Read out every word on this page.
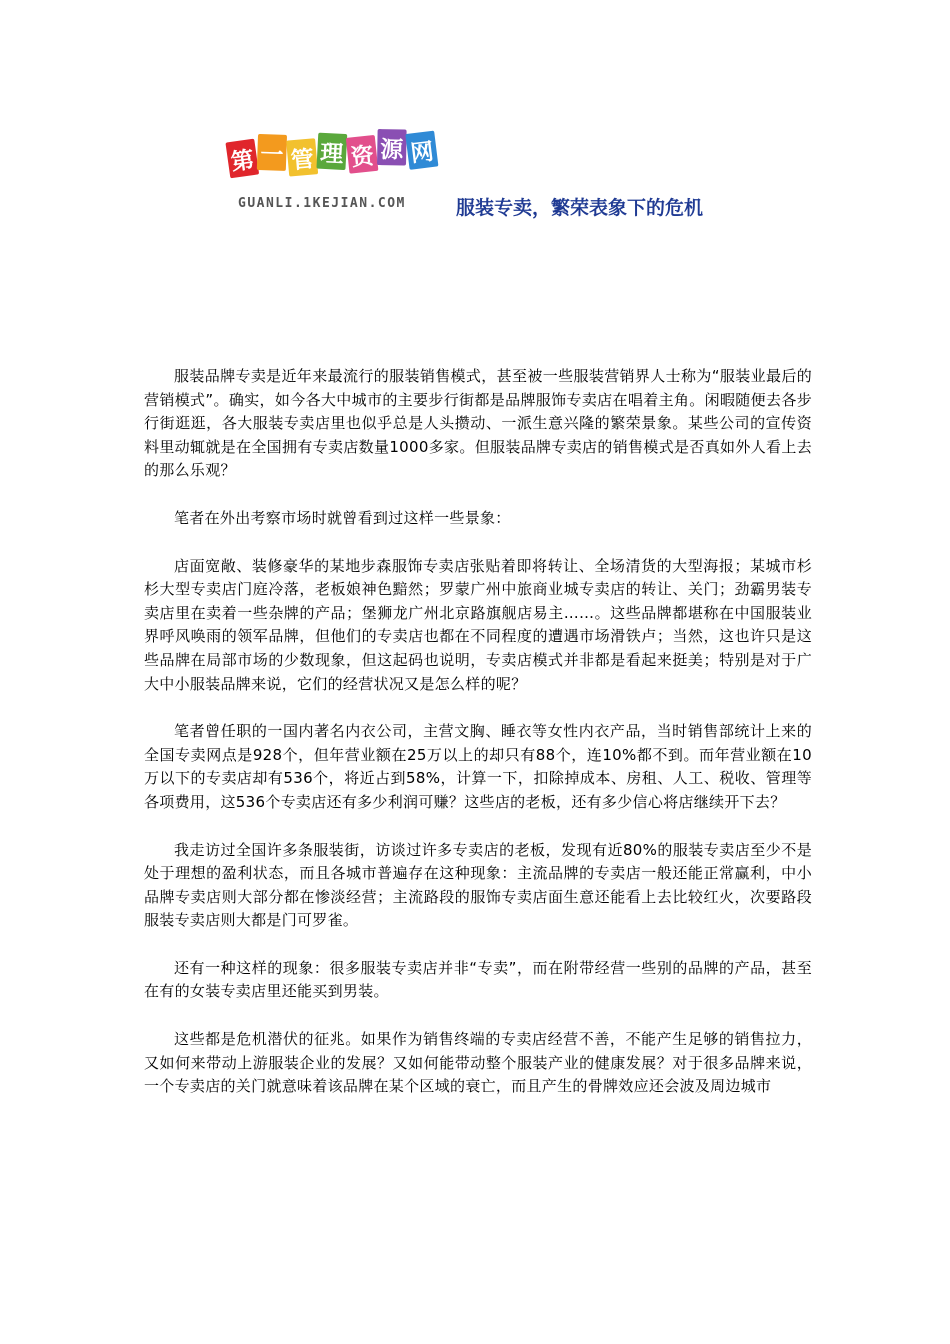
第 一 管 理 资 源 网
GUANLI.1KEJIAN.COM	服装专卖，繁荣表象下的危机

服装品牌专卖是近年来最流行的服装销售模式，甚至被一些服装营销界人士称为“服装业最后的营销模式”。确实，如今各大中城市的主要步行街都是品牌服饰专卖店在唱着主角。闲暇随便去各步行街逛逛，各大服装专卖店里也似乎总是人头攒动、一派生意兴隆的繁荣景象。某些公司的宣传资料里动辄就是在全国拥有专卖店数量1000多家。但服装品牌专卖店的销售模式是否真如外人看上去的那么乐观？

笔者在外出考察市场时就曾看到过这样一些景象：

店面宽敞、装修豪华的某地步森服饰专卖店张贴着即将转让、全场清货的大型海报；某城市杉杉大型专卖店门庭冷落，老板娘神色黯然；罗蒙广州中旅商业城专卖店的转让、关门；劲霸男装专卖店里在卖着一些杂牌的产品；堡狮龙广州北京路旗舰店易主……。这些品牌都堪称在中国服装业界呼风唤雨的领军品牌，但他们的专卖店也都在不同程度的遭遇市场滑铁卢；当然，这也许只是这些品牌在局部市场的少数现象，但这起码也说明，专卖店模式并非都是看起来挺美；特别是对于广大中小服装品牌来说，它们的经营状况又是怎么样的呢？

笔者曾任职的一国内著名内衣公司，主营文胸、睡衣等女性内衣产品，当时销售部统计上来的全国专卖网点是928个，但年营业额在25万以上的却只有88个，连10%都不到。而年营业额在10万以下的专卖店却有536个，将近占到58%，计算一下，扣除掉成本、房租、人工、税收、管理等各项费用，这536个专卖店还有多少利润可赚？这些店的老板，还有多少信心将店继续开下去？

我走访过全国许多条服装街，访谈过许多专卖店的老板，发现有近80%的服装专卖店至少不是处于理想的盈利状态，而且各城市普遍存在这种现象：主流品牌的专卖店一般还能正常赢利，中小品牌专卖店则大部分都在惨淡经营；主流路段的服饰专卖店面生意还能看上去比较红火，次要路段服装专卖店则大都是门可罗雀。

还有一种这样的现象：很多服装专卖店并非“专卖”，而在附带经营一些别的品牌的产品，甚至在有的女装专卖店里还能买到男装。

这些都是危机潜伏的征兆。如果作为销售终端的专卖店经营不善，不能产生足够的销售拉力，又如何来带动上游服装企业的发展？又如何能带动整个服装产业的健康发展？对于很多品牌来说，一个专卖店的关门就意味着该品牌在某个区域的衰亡，而且产生的骨牌效应还会波及周边城市
